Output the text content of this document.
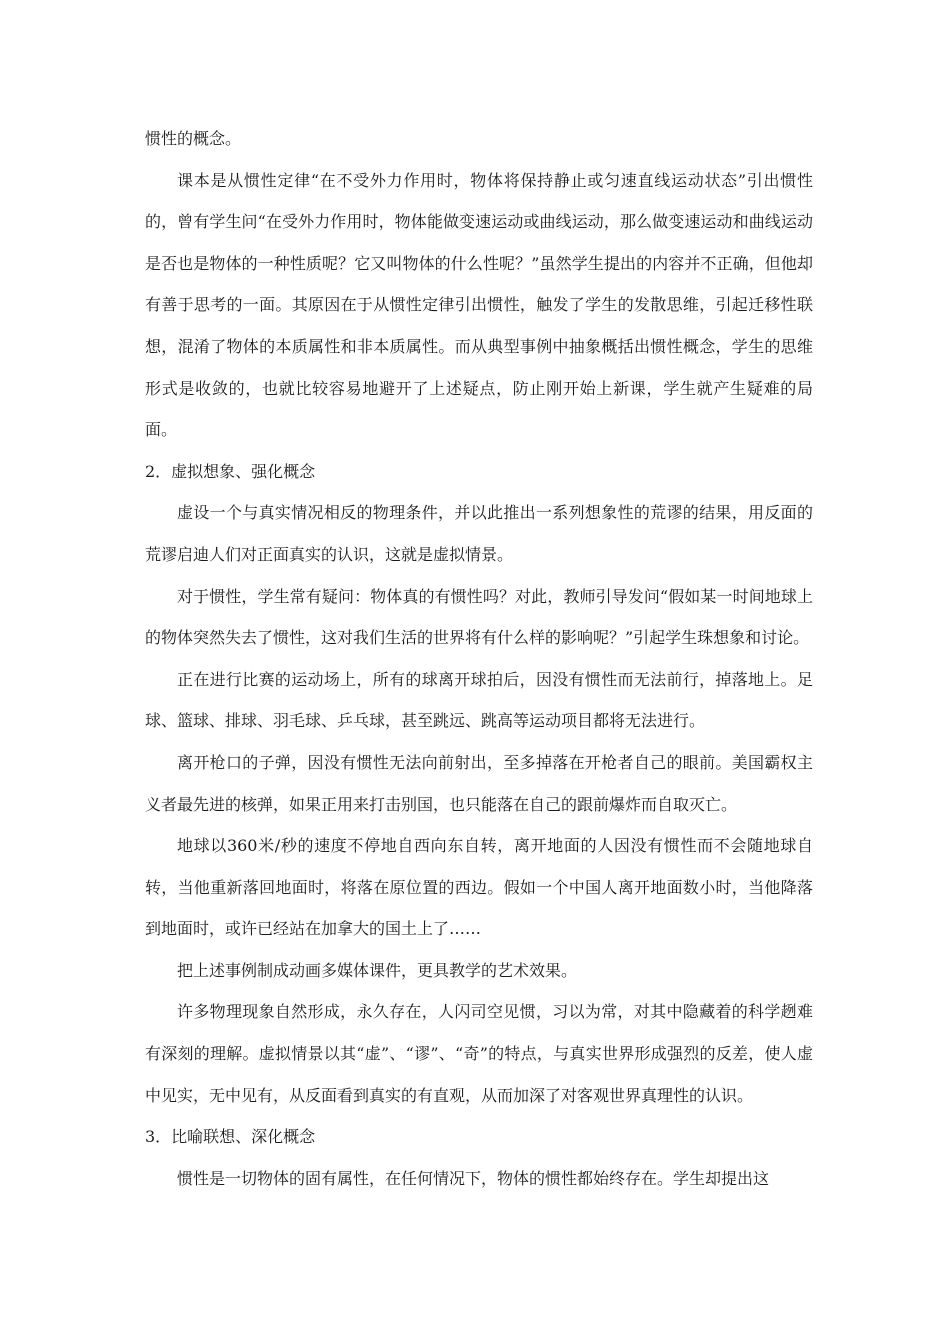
惯性的概念。

课本是从惯性定律“在不受外力作用时，物体将保持静止或匀速直线运动状态”引出惯性的，曾有学生问“在受外力作用时，物体能做变速运动或曲线运动，那么做变速运动和曲线运动是否也是物体的一种性质呢？它又叫物体的什么性呢？”虽然学生提出的内容并不正确，但他却有善于思考的一面。其原因在于从惯性定律引出惯性，触发了学生的发散思维，引起迁移性联想，混淆了物体的本质属性和非本质属性。而从典型事例中抽象概括出惯性概念，学生的思维形式是收敛的，也就比较容易地避开了上述疑点，防止刚开始上新课，学生就产生疑难的局面。

2．虚拟想象、强化概念

虚设一个与真实情况相反的物理条件，并以此推出一系列想象性的荒谬的结果，用反面的荒谬启迪人们对正面真实的认识，这就是虚拟情景。

对于惯性，学生常有疑问：物体真的有惯性吗？对此，教师引导发问“假如某一时间地球上的物体突然失去了惯性，这对我们生活的世界将有什么样的影响呢？”引起学生珠想象和讨论。

正在进行比赛的运动场上，所有的球离开球拍后，因没有惯性而无法前行，掉落地上。足球、篮球、排球、羽毛球、乒乓球，甚至跳远、跳高等运动项目都将无法进行。

离开枪口的子弹，因没有惯性无法向前射出，至多掉落在开枪者自己的眼前。美国霸权主义者最先进的核弹，如果正用来打击别国，也只能落在自己的跟前爆炸而自取灭亡。

地球以360米/秒的速度不停地自西向东自转，离开地面的人因没有惯性而不会随地球自转，当他重新落回地面时，将落在原位置的西边。假如一个中国人离开地面数小时，当他降落到地面时，或许已经站在加拿大的国土上了……

把上述事例制成动画多媒体课件，更具教学的艺术效果。

许多物理现象自然形成，永久存在，人闪司空见惯，习以为常，对其中隐藏着的科学趔难有深刻的理解。虚拟情景以其“虚”、“谬”、“奇”的特点，与真实世界形成强烈的反差，使人虚中见实，无中见有，从反面看到真实的有直观，从而加深了对客观世界真理性的认识。

3．比喻联想、深化概念

惯性是一切物体的固有属性，在任何情况下，物体的惯性都始终存在。学生却提出这
